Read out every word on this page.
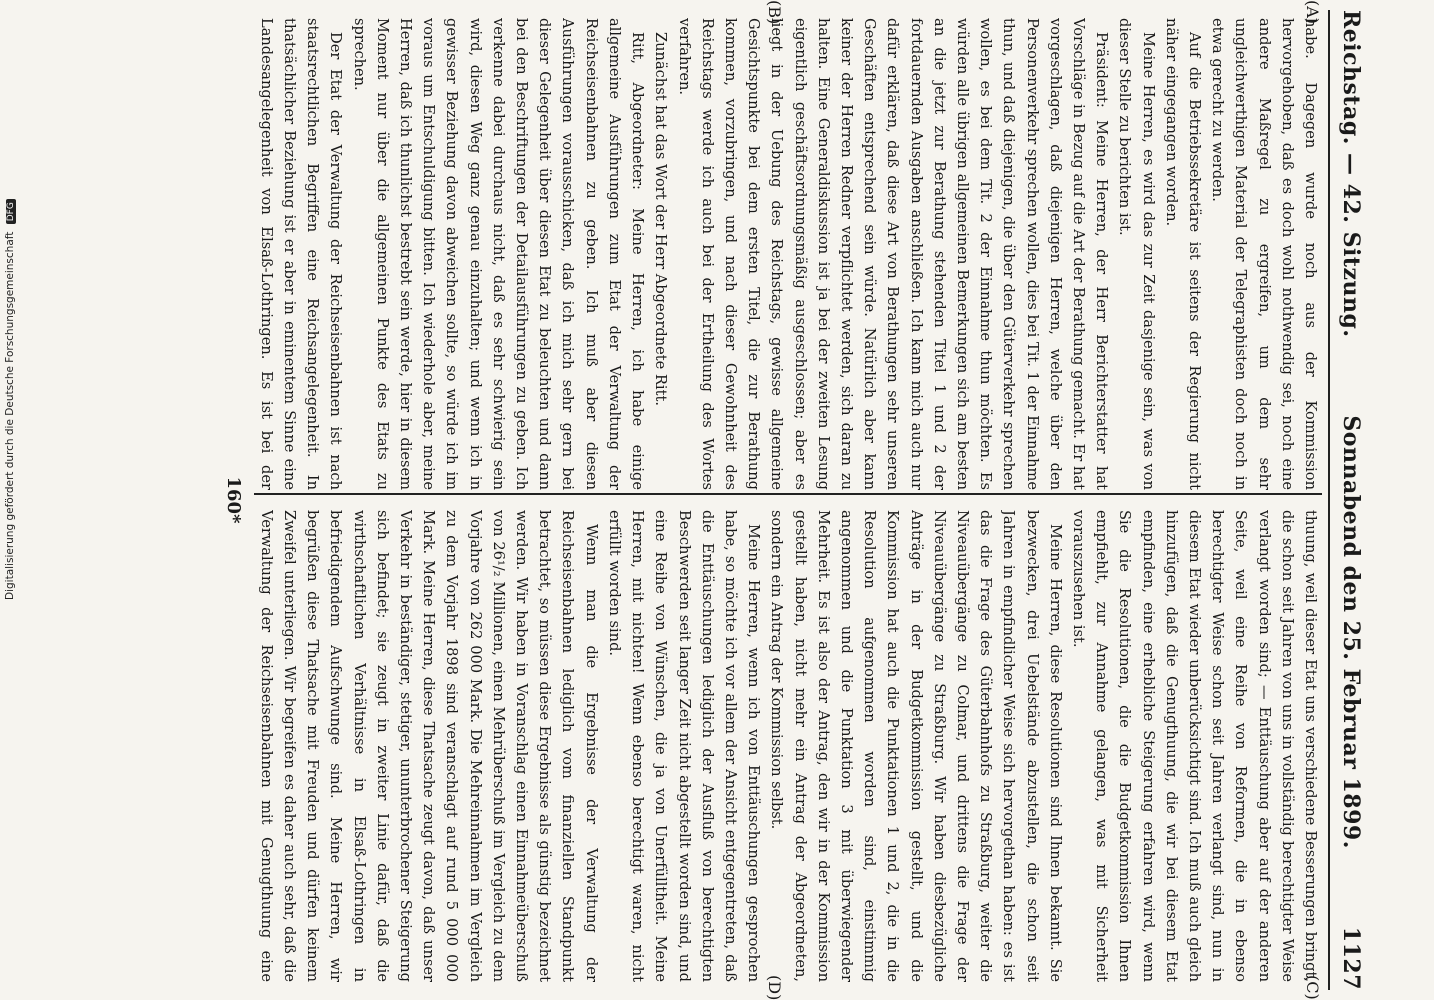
Reichstag. — 42. Sitzung.
Sonnabend den 25. Februar 1899.
1127
(A)
(B)
(C)
(D)

habe. Dagegen wurde noch aus der Kommission hervorgehoben, daß es doch wohl nothwendig sei, noch eine andere Maßregel zu ergreifen, um dem sehr ungleichwerthigen Material der Telegraphisten doch noch in etwa gerecht zu werden.

Auf die Betriebssekretäre ist seitens der Regierung nicht näher eingegangen worden.

Meine Herren, es wird das zur Zeit dasjenige sein, was von dieser Stelle zu berichten ist.

Präsident: Meine Herren, der Herr Berichterstatter hat Vorschläge in Bezug auf die Art der Berathung gemacht. Er hat vorgeschlagen, daß diejenigen Herren, welche über den Personenverkehr sprechen wollen, dies bei Tit. 1 der Einnahme thun, und daß diejenigen, die über den Güterverkehr sprechen wollen, es bei dem Tit. 2 der Einnahme thun möchten. Es würden alle übrigen allgemeinen Bemerkungen sich am besten an die jetzt zur Berathung stehenden Titel 1 und 2 der fortdauernden Ausgaben anschließen. Ich kann mich auch nur dafür erklären, daß diese Art von Berathungen sehr unseren Geschäften entsprechend sein würde. Natürlich aber kann keiner der Herren Redner verpflichtet werden, sich daran zu halten. Eine Generaldiskussion ist ja bei der zweiten Lesung eigentlich geschäftsordnungsmäßig ausgeschlossen; aber es liegt in der Uebung des Reichstags, gewisse allgemeine Gesichtspunkte bei dem ersten Titel, die zur Berathung kommen, vorzubringen, und nach dieser Gewohnheit des Reichstags werde ich auch bei der Ertheilung des Wortes verfahren.

Zunächst hat das Wort der Herr Abgeordnete Ritt.

Ritt, Abgeordneter: Meine Herren, ich habe einige allgemeine Ausführungen zum Etat der Verwaltung der Reichseisenbahnen zu geben. Ich muß aber diesen Ausführungen vorausschicken, daß ich mich sehr gern bei dieser Gelegenheit über diesen Etat zu beleuchten und dann bei den Beschriftungen der Detailausführungen zu geben. Ich verkenne dabei durchaus nicht, daß es sehr schwierig sein wird, diesen Weg ganz genau einzuhalten; und wenn ich in gewisser Beziehung davon abweichen sollte, so würde ich im voraus um Entschuldigung bitten. Ich wiederhole aber, meine Herren, daß ich thunlichst bestrebt sein werde, hier in diesem Moment nur über die allgemeinen Punkte des Etats zu sprechen.

Der Etat der Verwaltung der Reichseisenbahnen ist nach staatsrechtlichen Begriffen eine Reichsangelegenheit. In thatsächlicher Beziehung ist er aber in eminentem Sinne eine Landesangelegenheit von Elsaß-Lothringen. Es ist bei der

thuung, weil dieser Etat uns verschiedene Besserungen bringt, die schon seit Jahren von uns in vollständig berechtigter Weise verlangt worden sind; — Enttäuschung aber auf der anderen Seite, weil eine Reihe von Reformen, die in ebenso berechtigter Weise schon seit Jahren verlangt sind, nun in diesem Etat wieder unberücksichtigt sind. Ich muß auch gleich hinzufügen, daß die Genugthuung, die wir bei diesem Etat empfinden, eine erhebliche Steigerung erfahren wird, wenn Sie die Resolutionen, die die Budgetkommission Ihnen empfiehlt, zur Annahme gelangen, was mit Sicherheit vorauszusehen ist.

Meine Herren, diese Resolutionen sind Ihnen bekannt. Sie bezwecken, drei Uebelstände abzustellen, die schon seit Jahren in empfindlicher Weise sich hervorgethan haben: es ist das die Frage des Güterbahnhofs zu Straßburg, weiter die Niveauübergänge zu Colmar, und drittens die Frage der Niveauübergänge zu Straßburg. Wir haben diesbezügliche Anträge in der Budgetkommission gestellt, und die Kommission hat auch die Punktationen 1 und 2, die in die Resolution aufgenommen worden sind, einstimmig angenommen und die Punktation 3 mit überwiegender Mehrheit. Es ist also der Antrag, den wir in der Kommission gestellt haben, nicht mehr ein Antrag der Abgeordneten, sondern ein Antrag der Kommission selbst.

Meine Herren, wenn ich von Enttäuschungen gesprochen habe, so möchte ich vor allem der Ansicht entgegentreten, daß die Enttäuschungen lediglich der Ausfluß von berechtigten Beschwerden seit langer Zeit nicht abgestellt worden sind, und eine Reihe von Wünschen, die ja von Unerfülltheit. Meine Herren, mit nichten! Wenn ebenso berechtigt waren, nicht erfüllt worden sind.

Wenn man die Ergebnisse der Verwaltung der Reichseisenbahnen lediglich vom finanziellen Standpunkt betrachtet, so müssen diese Ergebnisse als günstig bezeichnet werden. Wir haben in Voranschlag einen Einnahmeüberschuß von 26¹/₂ Millionen, einen Mehrüberschuß im Vergleich zu dem Vorjahre von 262 000 Mark. Die Mehreinnahmen im Vergleich zu dem Vorjahr 1898 sind veranschlagt auf rund 5 000 000 Mark. Meine Herren, diese Thatsache zeugt davon, daß unser Verkehr in beständiger, stetiger, ununterbrochener Steigerung sich befindet; sie zeugt in zweiter Linie dafür, daß die wirthschaftlichen Verhältnisse in Elsaß-Lothringen in befriedigendem Aufschwunge sind. Meine Herren, wir begrüßen diese Thatsache mit Freuden und dürfen keinem Zweifel unterliegen. Wir begreifen es daher auch sehr, daß die Verwaltung der Reichseisenbahnen mit Genugthuung eine

160*
Digitalisierung gefördert durch die Deutsche Forschungsgemeinschaft DFG
